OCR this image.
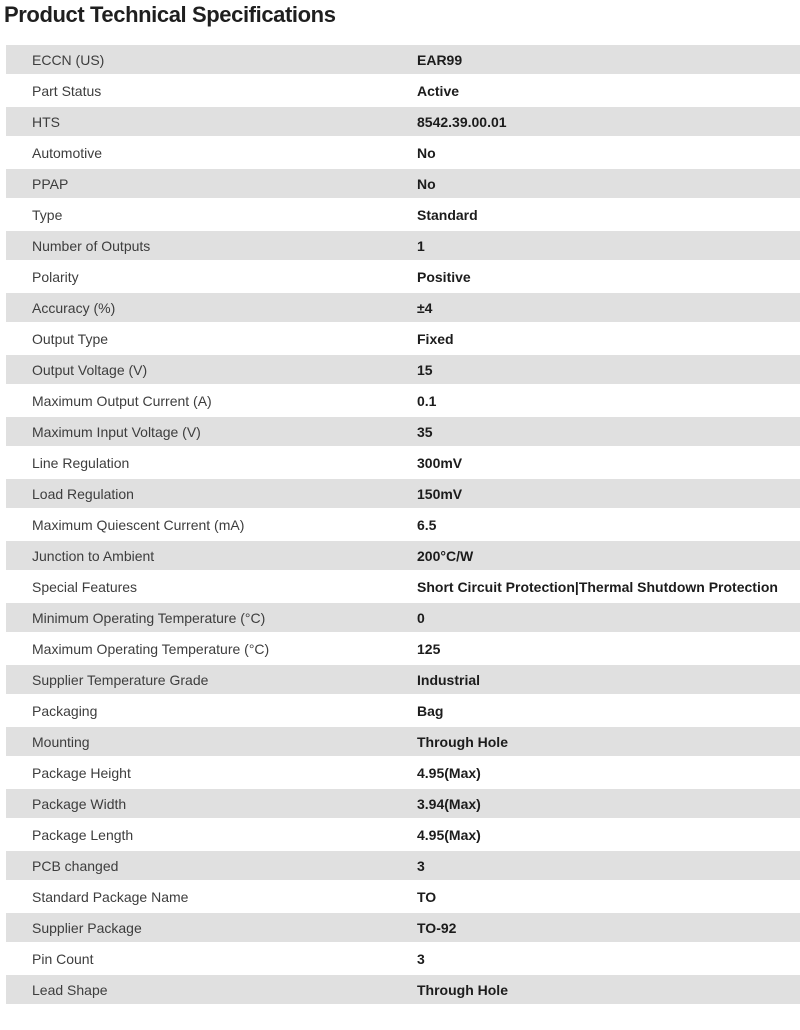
Product Technical Specifications
ECCN (US)	EAR99
Part Status	Active
HTS	8542.39.00.01
Automotive	No
PPAP	No
Type	Standard
Number of Outputs	1
Polarity	Positive
Accuracy (%)	±4
Output Type	Fixed
Output Voltage (V)	15
Maximum Output Current (A)	0.1
Maximum Input Voltage (V)	35
Line Regulation	300mV
Load Regulation	150mV
Maximum Quiescent Current (mA)	6.5
Junction to Ambient	200°C/W
Special Features	Short Circuit Protection|Thermal Shutdown Protection
Minimum Operating Temperature (°C)	0
Maximum Operating Temperature (°C)	125
Supplier Temperature Grade	Industrial
Packaging	Bag
Mounting	Through Hole
Package Height	4.95(Max)
Package Width	3.94(Max)
Package Length	4.95(Max)
PCB changed	3
Standard Package Name	TO
Supplier Package	TO-92
Pin Count	3
Lead Shape	Through Hole
